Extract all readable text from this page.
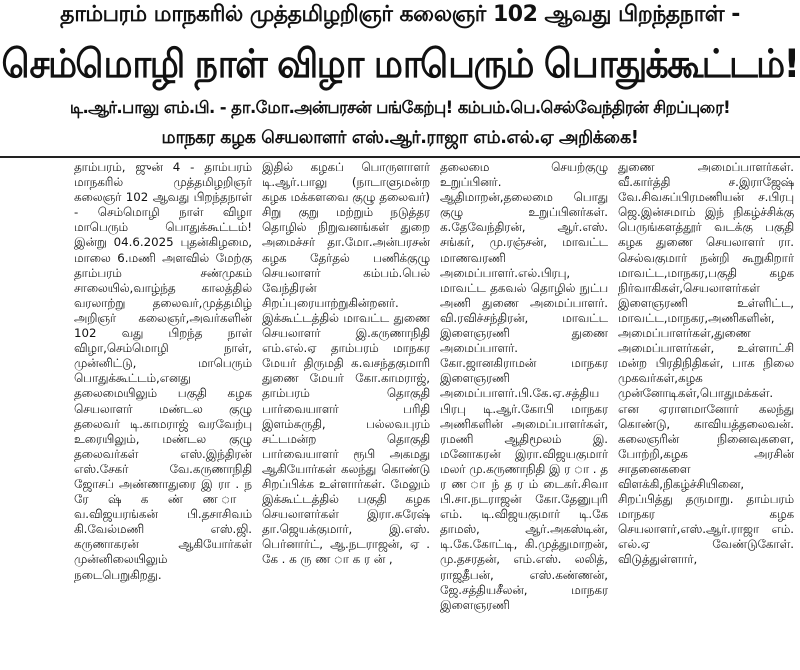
தாம்பரம் மாநகரில் முத்தமிழறிஞர் கலைஞர் 102 ஆவது பிறந்தநாள் -
செம்மொழி நாள் விழா மாபெரும் பொதுக்கூட்டம்!
டி.ஆர்.பாலு எம்.பி. - தா.மோ.அன்பரசன் பங்கேற்பு! கம்பம்.பெ.செல்வேந்திரன் சிறப்புரை!
மாநகர கழக செயலாளர் எஸ்.ஆர்.ராஜா எம்.எல்.ஏ அறிக்கை!

தாம்பரம், ஜுன் 4 - தாம்பரம் மாநகரில் முத்தமிழறிஞர் கலைஞர் 102 ஆவது பிறந்தநாள் - செம்மொழி நாள் விழா மாபெரும் பொதுக்கூட்டம்! இன்று 04.6.2025 புதன்கிழமை, மாலை 6.மணி அளவில் மேற்கு தாம்பரம் சண்முகம் சாலையில்,வாழ்ந்த காலத்தில் வரலாற்று தலைவர்,முத்தமிழ் அறிஞர் கலைஞர்,அவர்களின் 102 வது பிறந்த நாள் விழா,செம்மொழி நாள், முன்னிட்டு, மாபெரும் பொதுக்கூட்டம்,எனது தலைமையிலும் பகுதி கழக செயலாளர் மண்டல குழு தலைவர் டி.காமராஜ் வரவேற்பு உரையிலும், மண்டல குழு தலைவர்கள் எஸ்.இந்திரன் எஸ்.சேகர் வே.கருணாநிதி ஜோசப் அண்ணாதுரை இ ரா . ந ரே ஷ் க ண் ண ா வ.விஜயரங்கன் பி.தசாசிவம் கி.வேல்மணி எஸ்.ஜி. கருணாகரன் ஆகியோர்கள் முன்னிலையிலும் நடைபெறுகிறது.

இதில் கழகப் பொருளாளர் டி.ஆர்.பாலு (நாடாளுமன்ற கழக மக்களவை குழு தலைவர்) சிறு குறு மற்றும் நடுத்தர தொழில் நிறுவனங்கள் துறை அமைச்சர் தா.மோ.அன்பரசன் கழக தேர்தல் பணிக்குழு செயலாளர் கம்பம்.பெல் வேந்திரன் சிறப்புரையாற்றுகின்றனர். இக்கூட்டத்தில் மாவட்ட துணை செயலாளர் இ.கருணாநிதி எம்.எல்.ஏ தாம்பரம் மாநகர மேயர் திருமதி க.வசந்தகுமாரி துணை மேயர் கோ.காமராஜ், தாம்பரம் தொகுதி பார்வையாளர் பரிதி இளம்சுருதி, பல்லவபுரம் சட்டமன்ற தொகுதி பார்வையாளர் ரூபி அகமது ஆகியோர்கள் கலந்து கொண்டு சிறப்பிக்க உள்ளார்கள். மேலும் இக்கூட்டத்தில் பகுதி கழக செயலாளர்கள் இரா.சுரேஷ் தா.ஜெயக்குமார், இ.எஸ். பெர்னார்ட், ஆ.நடராஜன், ஏ . கே . க ரு ண ா க ர ன் ,

தலைமை செயற்குழு உறுப்பினர். ஆதிமாறன்,தலைமை பொது குழு உறுப்பினர்கள். க.தேவேந்திரன், ஆர்.எஸ். சங்கர், மு.ரஞ்சன், மாவட்ட மாணவரணி அமைப்பாளர்.எல்.பிரபு, மாவட்ட தகவல் தொழில் நுட்ப அணி துணை அமைப்பாளர். வி.ரவிச்சந்திரன், மாவட்ட இளைஞரணி துணை அமைப்பாளர். கோ.ஜானகிராமன் மாநகர இளைஞரணி அமைப்பாளர்.பி.கே.ஏ.சத்தியபிரபு டி.ஆர்.கோபி மாநகர அணிகளின் அமைப்பாளர்கள், ரமணி ஆதிமூலம் இ. மனோகரன் இரா.விஜயகுமார் மலர் மு.கருணாநிதி இ ர ா . த ர ண ா ந் த ர ம் டைகர்.சிவா பி.சா.நடராஜன் கோ.தேனுபுரி எம். டி.விஜயகுமார் டி.கே தாமஸ், ஆர்.அகஸ்டின், டி.கே.கோட்டி, கி.முத்துமாறன், மு.தசரதன், எம்.எஸ். லலித், ராஜதீபன், எஸ்.கண்ணன், ஜே.சத்தியசீலன், மாநகர இளைஞரணி

துணை அமைப்பாளர்கள். வீ.கார்த்தி ச.இராஜேஷ் வே.சிவசுப்பிரமணியன் ச.பிரபு ஜெ.இன்சமாம் இந் நிகழ்ச்சிக்கு பெருங்களத்தூர் வடக்கு பகுதி கழக துணை செயலாளர் ரா. செல்வகுமார் நன்றி கூறுகிறார் மாவட்ட,மாநகர,பகுதி கழக நிர்வாகிகள்,செயலாளர்கள் இளைஞரணி உள்ளிட்ட, மாவட்ட,மாநகர,அணிகளின், அமைப்பாளர்கள்,துணை அமைப்பாளர்கள், உள்ளாட்சி மன்ற பிரதிநிதிகள், பாக நிலை முகவர்கள்,கழக முன்னோடிகள்,பொதுமக்கள். என ஏராளமானோர் கலந்து கொண்டு, காவியத்தலைவன். கலைஞரின் நினைவுகளை, போற்றி,கழக அரசின் சாதனைகளை விளக்கி,நிகழ்ச்சியினை, சிறப்பித்து தருமாறு. தாம்பரம் மாநகர கழக செயலாளர்,எஸ்.ஆர்.ராஜா எம். எல்.ஏ வேண்டுகோள். விடுத்துள்ளார்,
